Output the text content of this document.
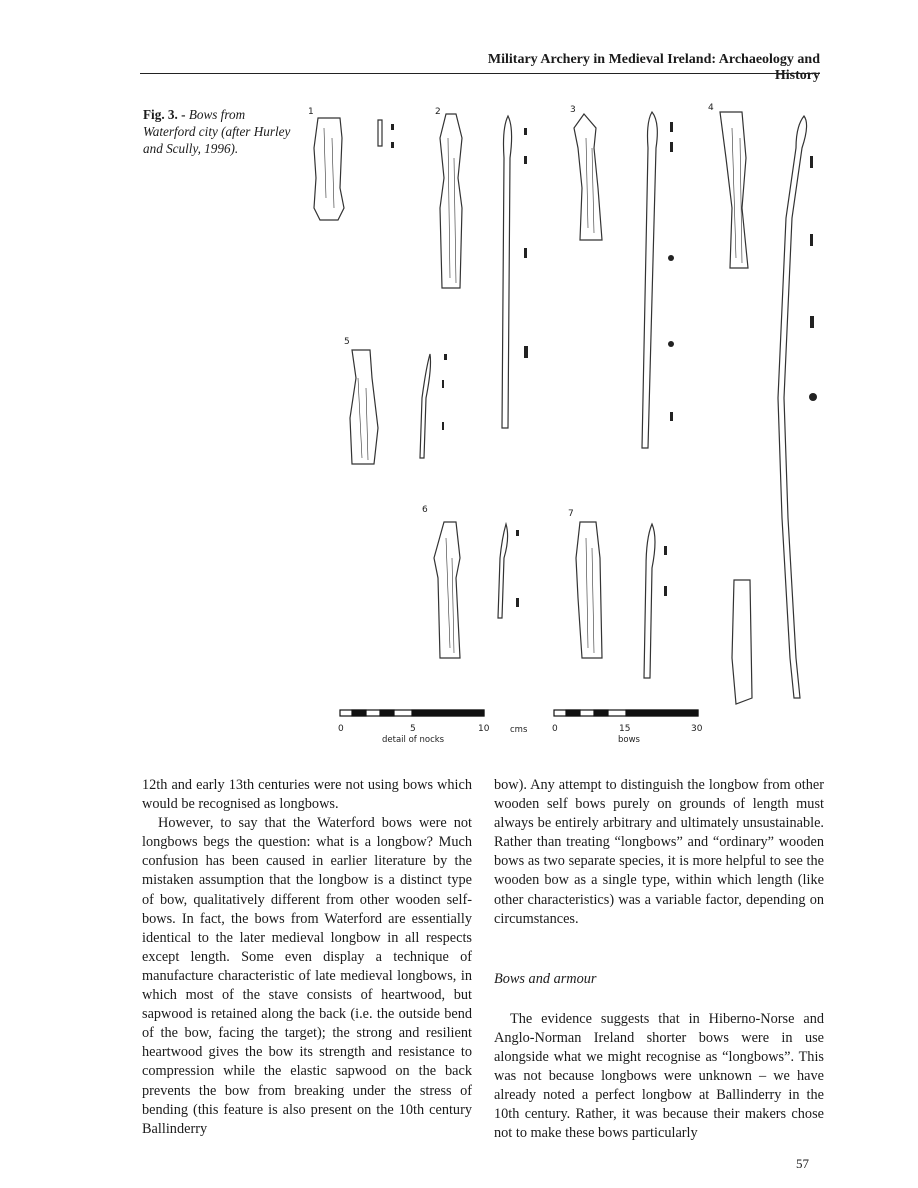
Military Archery in Medieval Ireland: Archaeology and History
Fig. 3. - Bows from Waterford city (after Hurley and Scully, 1996).
1	2	3	4
5
6	7
0	5	10
detail of nocks
cms	0	15	30
bows

12th and early 13th centuries were not using bows which would be recognised as longbows.

However, to say that the Waterford bows were not longbows begs the question: what is a longbow? Much confusion has been caused in earlier literature by the mistaken assumption that the longbow is a distinct type of bow, qualitatively different from other wooden self-bows. In fact, the bows from Waterford are essentially identical to the later medieval longbow in all respects except length. Some even display a technique of manufacture characteristic of late medieval longbows, in which most of the stave consists of heartwood, but sapwood is retained along the back (i.e. the outside bend of the bow, facing the target); the strong and resilient heartwood gives the bow its strength and resistance to compression while the elastic sapwood on the back prevents the bow from breaking under the stress of bending (this feature is also present on the 10th century Ballinderry

bow). Any attempt to distinguish the longbow from other wooden self bows purely on grounds of length must always be entirely arbitrary and ultimately unsustainable. Rather than treating “longbows” and “ordinary” wooden bows as two separate species, it is more helpful to see the wooden bow as a single type, within which length (like other characteristics) was a variable factor, depending on circumstances.

Bows and armour

The evidence suggests that in Hiberno-Norse and Anglo-Norman Ireland shorter bows were in use alongside what we might recognise as “longbows”. This was not because longbows were unknown – we have already noted a perfect longbow at Ballinderry in the 10th century. Rather, it was because their makers chose not to make these bows particularly

57
